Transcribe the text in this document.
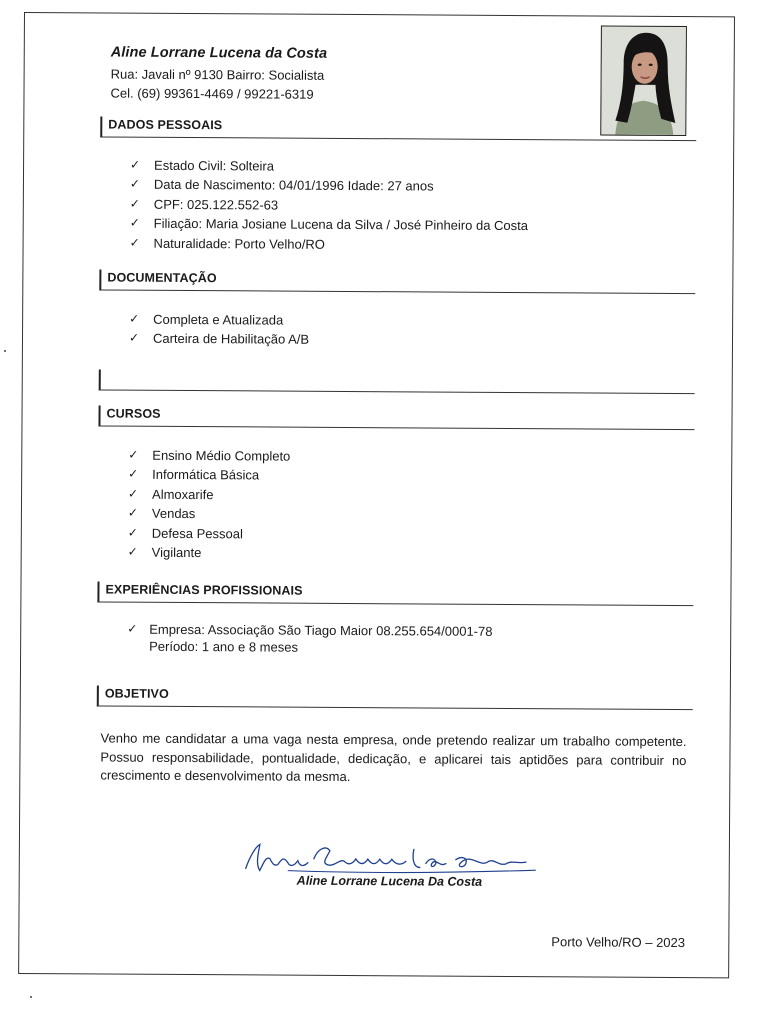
Aline Lorrane Lucena da Costa
Rua: Javali nº 9130 Bairro: Socialista
Cel. (69) 99361-4469 / 99221-6319
DADOS PESSOAIS
✓ Estado Civil: Solteira
✓ Data de Nascimento: 04/01/1996 Idade: 27 anos
✓ CPF: 025.122.552-63
✓ Filiação: Maria Josiane Lucena da Silva / José Pinheiro da Costa
✓ Naturalidade: Porto Velho/RO
DOCUMENTAÇÃO
✓ Completa e Atualizada
✓ Carteira de Habilitação A/B
CURSOS
✓ Ensino Médio Completo
✓ Informática Básica
✓ Almoxarife
✓ Vendas
✓ Defesa Pessoal
✓ Vigilante
EXPERIÊNCIAS PROFISSIONAIS
✓ Empresa: Associação São Tiago Maior 08.255.654/0001-78
Período: 1 ano e 8 meses
OBJETIVO
Venho me candidatar a uma vaga nesta empresa, onde pretendo realizar um trabalho competente. Possuo responsabilidade, pontualidade, dedicação, e aplicarei tais aptidões para contribuir no crescimento e desenvolvimento da mesma.
Aline Lorrane Lucena Da Costa
Porto Velho/RO – 2023
